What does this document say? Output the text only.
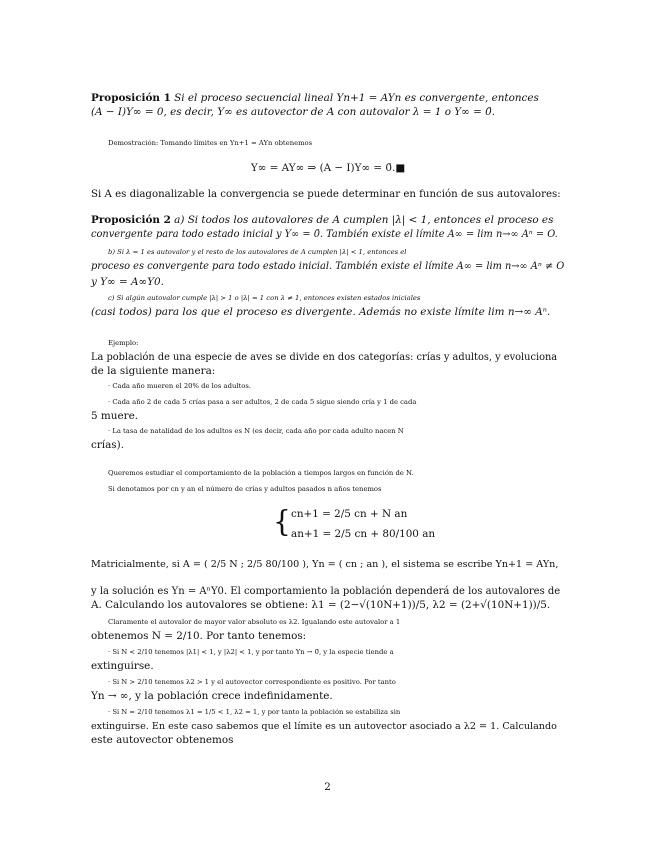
Proposición 1 Si el proceso secuencial lineal Yn+1 = AYn es convergente, entonces
(A − I)Y∞ = 0, es decir, Y∞ es autovector de A con autovalor λ = 1 o Y∞ = 0̄.
Demostración: Tomando límites en Yn+1 = AYn obtenemos
Y∞ = AY∞ ⇒ (A − I)Y∞ = 0̄.■
Si A es diagonalizable la convergencia se puede determinar en función de sus autovalores:
Proposición 2 a) Si todos los autovalores de A cumplen |λ| < 1, entonces el proceso es
convergente para todo estado inicial y Y∞ = 0̄. También existe el límite A∞ = lim n→∞ Aⁿ = O.
b) Si λ = 1 es autovalor y el resto de los autovalores de A cumplen |λ| < 1, entonces el
proceso es convergente para todo estado inicial. También existe el límite A∞ = lim n→∞ Aⁿ ≠ O
y Y∞ = A∞Y0.
c) Si algún autovalor cumple |λ| > 1 o |λ| = 1 con λ ≠ 1, entonces existen estados iniciales
(casi todos) para los que el proceso es divergente. Además no existe límite lim n→∞ Aⁿ.
Ejemplo:
La población de una especie de aves se divide en dos categorías: crías y adultos, y evoluciona
de la siguiente manera:
· Cada año mueren el 20% de los adultos.
· Cada año 2 de cada 5 crías pasa a ser adultos, 2 de cada 5 sigue siendo cría y 1 de cada
5 muere.
· La tasa de natalidad de los adultos es N (es decir, cada año por cada adulto nacen N
crías).
Queremos estudiar el comportamiento de la población a tiempos largos en función de N.
Si denotamos por cn y an el número de crías y adultos pasados n años tenemos
{ cn+1 = 2/5 cn + N an
an+1 = 2/5 cn + 80/100 an
Matricialmente, si A = ( 2/5 N ; 2/5 80/100 ), Yn = ( cn ; an ), el sistema se escribe Yn+1 = AYn,
y la solución es Yn = AⁿY0. El comportamiento la población dependerá de los autovalores de
A. Calculando los autovalores se obtiene: λ1 = (2−√(10N+1))/5, λ2 = (2+√(10N+1))/5.
Claramente el autovalor de mayor valor absoluto es λ2. Igualando este autovalor a 1
obtenemos N = 2/10. Por tanto tenemos:
· Si N < 2/10 tenemos |λ1| < 1, y |λ2| < 1, y por tanto Yn → 0̄, y la especie tiende a
extinguirse.
· Si N > 2/10 tenemos λ2 > 1 y el autovector correspondiente es positivo. Por tanto
Yn → ∞, y la población crece indefinidamente.
· Si N = 2/10 tenemos λ1 = 1/5 < 1, λ2 = 1, y por tanto la población se estabiliza sin
extinguirse. En este caso sabemos que el límite es un autovector asociado a λ2 = 1. Calculando
este autovector obtenemos
2
